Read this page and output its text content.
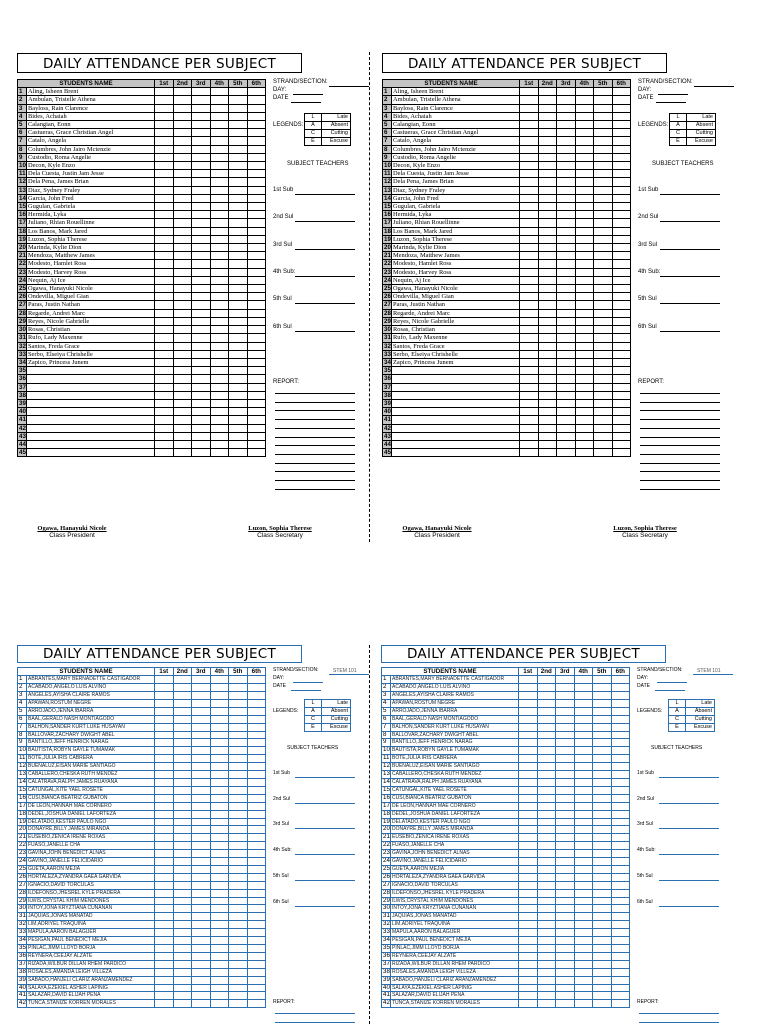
DAILY ATTENDANCE PER SUBJECT
STUDENTS NAME		1st	2nd	3rd	4th	5th	6th
1	Aling, Isheen Brent						
2	Ambulan, Tristelle Athena						
3	Bayloss, Rain Clarence						
4	Bides, Achaiah						
5	Calangian, Eonn						
6	Castueras, Grace Christian Angel						
7	Catalo, Angela						
8	Columbres, John Jairo Mctenzie						
9	Custodio, Roma Angelie						
10	Decon, Kyle Enzo						
11	Dela Cuesta, Justin Jam Jesse						
12	Dela Pena, James Brian						
13	Diaz, Sydney Fraley						
14	Garcia, John Fred						
15	Gugulan, Gabriela						
16	Hermida, Lyka						
17	Juliano, Rhian Rouellinne						
18	Los Banos, Mark Jared						
19	Luzon, Sophia Therese						
20	Marinda, Kylie Dion						
21	Mendoza, Matthew James						
22	Modesto, Hamlet Ross						
23	Modesto, Harvey Ross						
24	Nequin, Aj Ice						
25	Ogawa, Hanayuki Nicole						
26	Ondevilla, Miguel Gian						
27	Paras, Justin Nathan						
28	Regarde, Andrei Marc						
29	Reyes, Nicole Gabrielle						
30	Rosas, Christian						
31	Rufo, Lady Maxenne						
32	Santos, Freda Grace						
33	Serbo, Elseiya Chrishelle						
34	Zapico, Princess Junem						
35							
36							
37							
38							
39							
40							
41							
42							
43							
44							
45							
STRAND/SECTION:
DAY:
DATE
LEGENDS:
L	Late
A	Absent
C	Cutting
E	Excuse
SUBJECT TEACHERS
1st Sub
2nd Sul
3rd Sul
4th Sub:
5th Sul
6th Sul
REPORT:
Ogawa, Hanayuki Nicole
Class President
Luzon, Sophia Therese
Class Secretary
DAILY ATTENDANCE PER SUBJECT
STUDENTS NAME		1st	2nd	3rd	4th	5th	6th
1	Aling, Isheen Brent						
2	Ambulan, Tristelle Athena						
3	Bayloss, Rain Clarence						
4	Bides, Achaiah						
5	Calangian, Eonn						
6	Castueras, Grace Christian Angel						
7	Catalo, Angela						
8	Columbres, John Jairo Mctenzie						
9	Custodio, Roma Angelie						
10	Decon, Kyle Enzo						
11	Dela Cuesta, Justin Jam Jesse						
12	Dela Pena, James Brian						
13	Diaz, Sydney Fraley						
14	Garcia, John Fred						
15	Gugulan, Gabriela						
16	Hermida, Lyka						
17	Juliano, Rhian Rouellinne						
18	Los Banos, Mark Jared						
19	Luzon, Sophia Therese						
20	Marinda, Kylie Dion						
21	Mendoza, Matthew James						
22	Modesto, Hamlet Ross						
23	Modesto, Harvey Ross						
24	Nequin, Aj Ice						
25	Ogawa, Hanayuki Nicole						
26	Ondevilla, Miguel Gian						
27	Paras, Justin Nathan						
28	Regarde, Andrei Marc						
29	Reyes, Nicole Gabrielle						
30	Rosas, Christian						
31	Rufo, Lady Maxenne						
32	Santos, Freda Grace						
33	Serbo, Elseiya Chrishelle						
34	Zapico, Princess Junem						
35							
36							
37							
38							
39							
40							
41							
42							
43							
44							
45							
STRAND/SECTION:
DAY:
DATE
LEGENDS:
L	Late
A	Absent
C	Cutting
E	Excuse
SUBJECT TEACHERS
1st Sub
2nd Sul
3rd Sul
4th Sub:
5th Sul
6th Sul
REPORT:
Ogawa, Hanayuki Nicole
Class President
Luzon, Sophia Therese
Class Secretary
DAILY ATTENDANCE PER SUBJECT
STUDENTS NAME		1st	2nd	3rd	4th	5th	6th
1	ABRANTES,MARY BERNADETTE CASTIGADOR						
2	ACABADO,ANGELO LUIS ALVINO						
3	ANGELES,AYISHA CLAIRE RAMOS						
4	APAWAN,ROSTUM NEGRE						
5	ARROJADO,JENNA IBARRA						
6	BAAL,GERALD NASH MONTIAGODO						
7	BALHON,SANDER KURT LUKE HUSAYAN						
8	BALLOVAR,ZACHARY DWIGHT ABEL						
9	BANTILLO,JEFF HENRICK NARAG						
10	BAUTISTA,ROBYN GAYLE TUMAMAK						
11	BOTE,JULIA IRIS CABRERA						
12	BUENALUZ,EISAN MARIE SANTIAGO						
13	CABALLERO,CHESKA RUTH MENDEZ						
14	CALATRAVA,RALPH JAMES RUAYANA						
15	CATUNGAL,KITE YAEL ROSETE						
16	CUSI,BIANCA BEATRIZ GUBATON						
17	DE LEON,HANNAH MAE CORNERO						
18	DEDEL,JOSHUA DANIEL LAFORTEZA						
19	DELATADO,KESTER PAULO NGO						
20	DONAYRE,BILLY JAMES MIRANDA						
21	EUSEBIO,ZENICA IRENE ROXAS						
22	FUASO,JANELLE CHA						
23	GAVINA,JOHN BENEDICT ALNAS						
24	GAVINO,JANELLE FELICIDARIO						
25	GUETA,AARON MEJIA						
26	HORTALEZA,ZYANDRA GAEA GARVIDA						
27	IGNACIO,DAVID TORCULAS						
28	ILDEFONSO,JHESREL KYLE PRADERA						
29	ILWIS,CRYSTAL KHIM MENDONES						
30	INTOY,JONA KRYZTIANA CUNANAN						
31	JAQUIAS,JONAS MANATAD						
32	LIM,ADRIYEL TRAQUIÑA						
33	MAPULA,AARON BALAGUER						
34	PESIGAN,PAUL BENEDICT MEJIA						
35	PINLAC,JIMM LLOYD BORJA						
36	REYNERA,CEEJAY ALZATE						
37	RIZADA,WILBUR DILLAN RHEM PARDICO						
38	ROSALES,AMANDA LEIGH VILLEZA						
39	SABADO,HANJELI CLARIZ ARANZAMENDEZ						
40	SALAYA,EZEKIEL ASHER LAPINIG						
41	SALAZAR,DAVID ELIJAH PEÑA						
42	TUNCA,STANIZE KORREN MORALES						
STRAND/SECTION:	STEM 101
DAY:
DATE
LEGENDS:
L	Late
A	Absent
C	Cutting
E	Excuse
SUBJECT TEACHERS
1st Sub
2nd Sul
3rd Sul
4th Sub:
5th Sul
6th Sul
REPORT:
DAILY ATTENDANCE PER SUBJECT
STUDENTS NAME		1st	2nd	3rd	4th	5th	6th
1	ABRANTES,MARY BERNADETTE CASTIGADOR						
2	ACABADO,ANGELO LUIS ALVINO						
3	ANGELES,AYISHA CLAIRE RAMOS						
4	APAWAN,ROSTUM NEGRE						
5	ARROJADO,JENNA IBARRA						
6	BAAL,GERALD NASH MONTIAGODO						
7	BALHON,SANDER KURT LUKE HUSAYAN						
8	BALLOVAR,ZACHARY DWIGHT ABEL						
9	BANTILLO,JEFF HENRICK NARAG						
10	BAUTISTA,ROBYN GAYLE TUMAMAK						
11	BOTE,JULIA IRIS CABRERA						
12	BUENALUZ,EISAN MARIE SANTIAGO						
13	CABALLERO,CHESKA RUTH MENDEZ						
14	CALATRAVA,RALPH JAMES RUAYANA						
15	CATUNGAL,KITE YAEL ROSETE						
16	CUSI,BIANCA BEATRIZ GUBATON						
17	DE LEON,HANNAH MAE CORNERO						
18	DEDEL,JOSHUA DANIEL LAFORTEZA						
19	DELATADO,KESTER PAULO NGO						
20	DONAYRE,BILLY JAMES MIRANDA						
21	EUSEBIO,ZENICA IRENE ROXAS						
22	FUASO,JANELLE CHA						
23	GAVINA,JOHN BENEDICT ALNAS						
24	GAVINO,JANELLE FELICIDARIO						
25	GUETA,AARON MEJIA						
26	HORTALEZA,ZYANDRA GAEA GARVIDA						
27	IGNACIO,DAVID TORCULAS						
28	ILDEFONSO,JHESREL KYLE PRADERA						
29	ILWIS,CRYSTAL KHIM MENDONES						
30	INTOY,JONA KRYZTIANA CUNANAN						
31	JAQUIAS,JONAS MANATAD						
32	LIM,ADRIYEL TRAQUIÑA						
33	MAPULA,AARON BALAGUER						
34	PESIGAN,PAUL BENEDICT MEJIA						
35	PINLAC,JIMM LLOYD BORJA						
36	REYNERA,CEEJAY ALZATE						
37	RIZADA,WILBUR DILLAN RHEM PARDICO						
38	ROSALES,AMANDA LEIGH VILLEZA						
39	SABADO,HANJELI CLARIZ ARANZAMENDEZ						
40	SALAYA,EZEKIEL ASHER LAPINIG						
41	SALAZAR,DAVID ELIJAH PEÑA						
42	TUNCA,STANIZE KORREN MORALES						
STRAND/SECTION:	STEM 101
DAY:
DATE
LEGENDS:
L	Late
A	Absent
C	Cutting
E	Excuse
SUBJECT TEACHERS
1st Sub
2nd Sul
3rd Sul
4th Sub:
5th Sul
6th Sul
REPORT:
